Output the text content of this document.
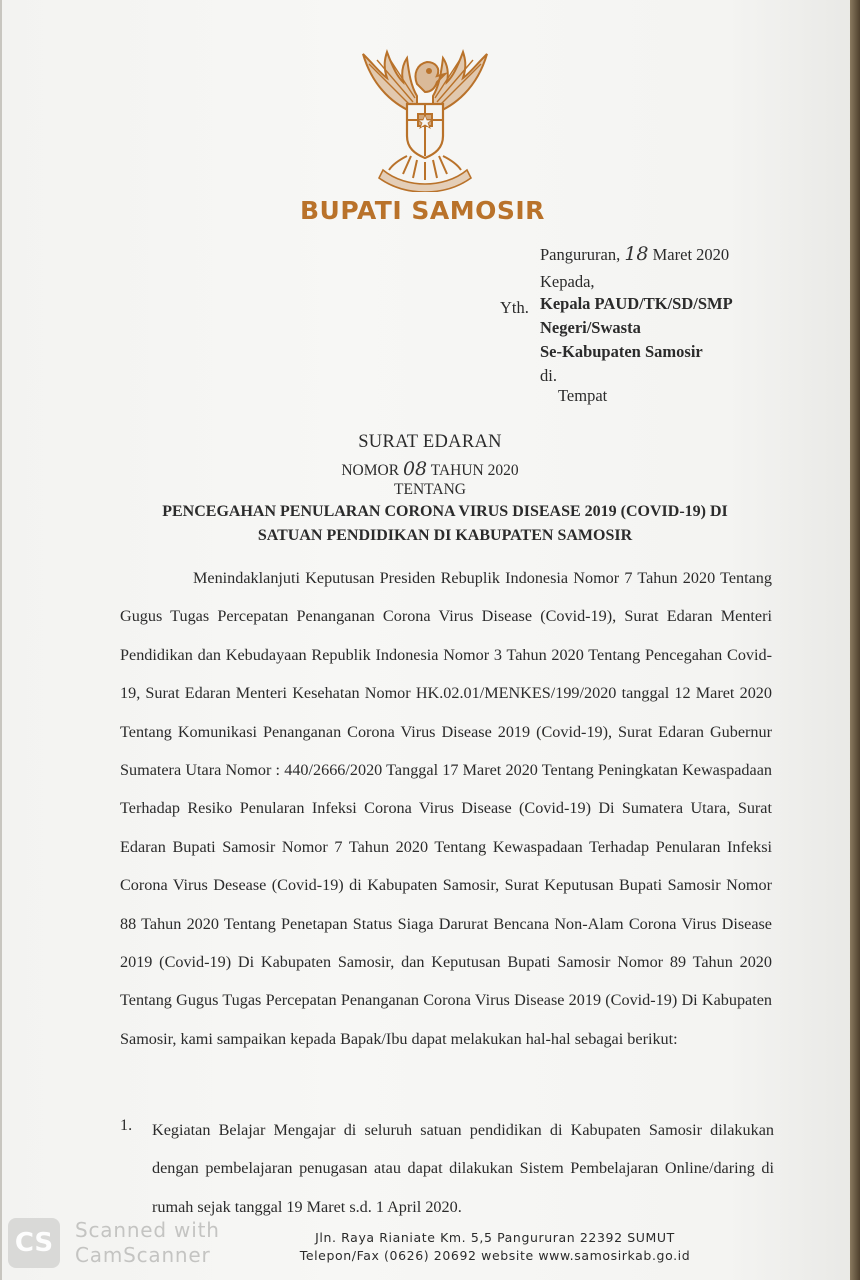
BUPATI SAMOSIR
Pangururan, 18 Maret 2020
Kepada,
Yth. Kepala PAUD/TK/SD/SMP
Negeri/Swasta
Se-Kabupaten Samosir
di.
Tempat
SURAT EDARAN
NOMOR 08 TAHUN 2020
TENTANG
PENCEGAHAN PENULARAN CORONA VIRUS DISEASE 2019 (COVID-19) DI
SATUAN PENDIDIKAN DI KABUPATEN SAMOSIR
Menindaklanjuti Keputusan Presiden Rebuplik Indonesia Nomor 7 Tahun 2020 Tentang Gugus Tugas Percepatan Penanganan Corona Virus Disease (Covid-19), Surat Edaran Menteri Pendidikan dan Kebudayaan Republik Indonesia Nomor 3 Tahun 2020 Tentang Pencegahan Covid-19, Surat Edaran Menteri Kesehatan Nomor HK.02.01/MENKES/199/2020 tanggal 12 Maret 2020 Tentang Komunikasi Penanganan Corona Virus Disease 2019 (Covid-19), Surat Edaran Gubernur Sumatera Utara Nomor : 440/2666/2020 Tanggal 17 Maret 2020 Tentang Peningkatan Kewaspadaan Terhadap Resiko Penularan Infeksi Corona Virus Disease (Covid-19) Di Sumatera Utara, Surat Edaran Bupati Samosir Nomor 7 Tahun 2020 Tentang Kewaspadaan Terhadap Penularan Infeksi Corona Virus Desease (Covid-19) di Kabupaten Samosir, Surat Keputusan Bupati Samosir Nomor 88 Tahun 2020 Tentang Penetapan Status Siaga Darurat Bencana Non-Alam Corona Virus Disease 2019 (Covid-19) Di Kabupaten Samosir, dan Keputusan Bupati Samosir Nomor 89 Tahun 2020 Tentang Gugus Tugas Percepatan Penanganan Corona Virus Disease 2019 (Covid-19) Di Kabupaten Samosir, kami sampaikan kepada Bapak/Ibu dapat melakukan hal-hal sebagai berikut:
1. Kegiatan Belajar Mengajar di seluruh satuan pendidikan di Kabupaten Samosir dilakukan dengan pembelajaran penugasan atau dapat dilakukan Sistem Pembelajaran Online/daring di rumah sejak tanggal 19 Maret s.d. 1 April 2020.
Jln. Raya Rianiate Km. 5,5 Pangururan 22392 SUMUT
Telepon/Fax (0626) 20692 website www.samosirkab.go.id
CS	Scanned with
CamScanner
